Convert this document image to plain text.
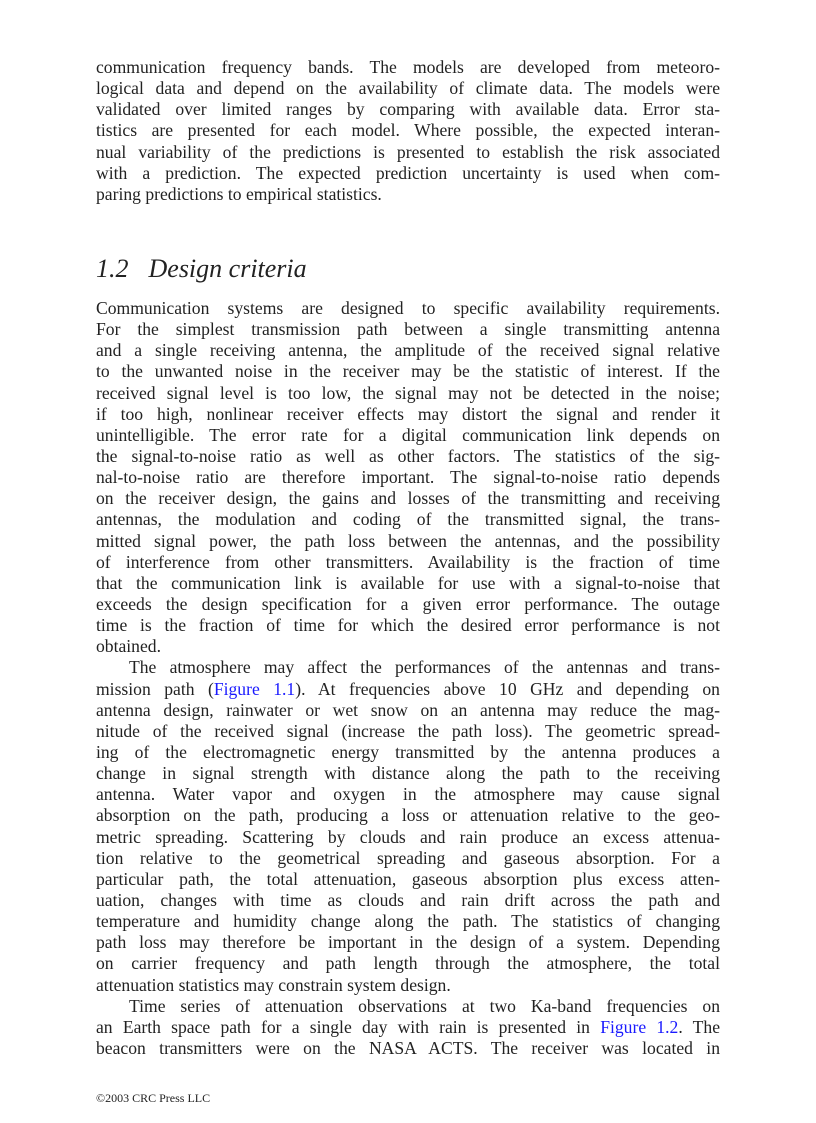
communication frequency bands. The models are developed from meteoro-
logical data and depend on the availability of climate data. The models were
validated over limited ranges by comparing with available data. Error sta-
tistics are presented for each model. Where possible, the expected interan-
nual variability of the predictions is presented to establish the risk associated
with a prediction. The expected prediction uncertainty is used when com-
paring predictions to empirical statistics.
1.2 Design criteria
Communication systems are designed to specific availability requirements.
For the simplest transmission path between a single transmitting antenna
and a single receiving antenna, the amplitude of the received signal relative
to the unwanted noise in the receiver may be the statistic of interest. If the
received signal level is too low, the signal may not be detected in the noise;
if too high, nonlinear receiver effects may distort the signal and render it
unintelligible. The error rate for a digital communication link depends on
the signal-to-noise ratio as well as other factors. The statistics of the sig-
nal-to-noise ratio are therefore important. The signal-to-noise ratio depends
on the receiver design, the gains and losses of the transmitting and receiving
antennas, the modulation and coding of the transmitted signal, the trans-
mitted signal power, the path loss between the antennas, and the possibility
of interference from other transmitters. Availability is the fraction of time
that the communication link is available for use with a signal-to-noise that
exceeds the design specification for a given error performance. The outage
time is the fraction of time for which the desired error performance is not
obtained.
The atmosphere may affect the performances of the antennas and trans-
mission path (Figure 1.1). At frequencies above 10 GHz and depending on
antenna design, rainwater or wet snow on an antenna may reduce the mag-
nitude of the received signal (increase the path loss). The geometric spread-
ing of the electromagnetic energy transmitted by the antenna produces a
change in signal strength with distance along the path to the receiving
antenna. Water vapor and oxygen in the atmosphere may cause signal
absorption on the path, producing a loss or attenuation relative to the geo-
metric spreading. Scattering by clouds and rain produce an excess attenua-
tion relative to the geometrical spreading and gaseous absorption. For a
particular path, the total attenuation, gaseous absorption plus excess atten-
uation, changes with time as clouds and rain drift across the path and
temperature and humidity change along the path. The statistics of changing
path loss may therefore be important in the design of a system. Depending
on carrier frequency and path length through the atmosphere, the total
attenuation statistics may constrain system design.
Time series of attenuation observations at two Ka-band frequencies on
an Earth space path for a single day with rain is presented in Figure 1.2. The
beacon transmitters were on the NASA ACTS. The receiver was located in
©2003 CRC Press LLC
